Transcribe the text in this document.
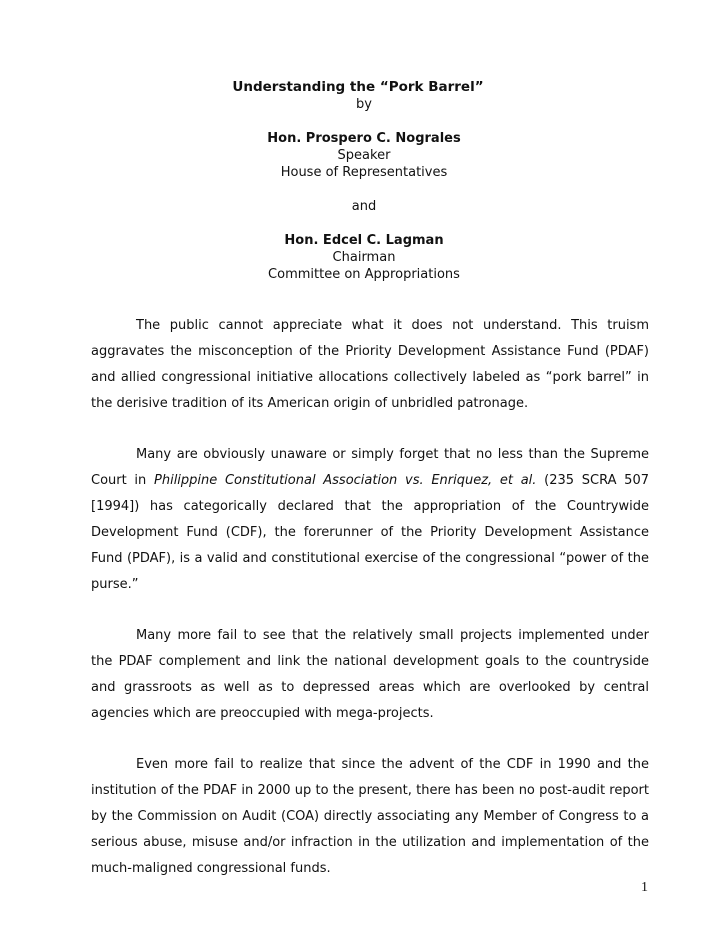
Understanding the “Pork Barrel”
by
Hon. Prospero C. Nograles
Speaker
House of Representatives
and
Hon. Edcel C. Lagman
Chairman
Committee on Appropriations

The public cannot appreciate what it does not understand. This truism aggravates the misconception of the Priority Development Assistance Fund (PDAF) and allied congressional initiative allocations collectively labeled as “pork barrel” in the derisive tradition of its American origin of unbridled patronage.

Many are obviously unaware or simply forget that no less than the Supreme Court in Philippine Constitutional Association vs. Enriquez, et al. (235 SCRA 507 [1994]) has categorically declared that the appropriation of the Countrywide Development Fund (CDF), the forerunner of the Priority Development Assistance Fund (PDAF), is a valid and constitutional exercise of the congressional “power of the purse.”

Many more fail to see that the relatively small projects implemented under the PDAF complement and link the national development goals to the countryside and grassroots as well as to depressed areas which are overlooked by central agencies which are preoccupied with mega-projects.

Even more fail to realize that since the advent of the CDF in 1990 and the institution of the PDAF in 2000 up to the present, there has been no post-audit report by the Commission on Audit (COA) directly associating any Member of Congress to a serious abuse, misuse and/or infraction in the utilization and implementation of the much-maligned congressional funds.

1
